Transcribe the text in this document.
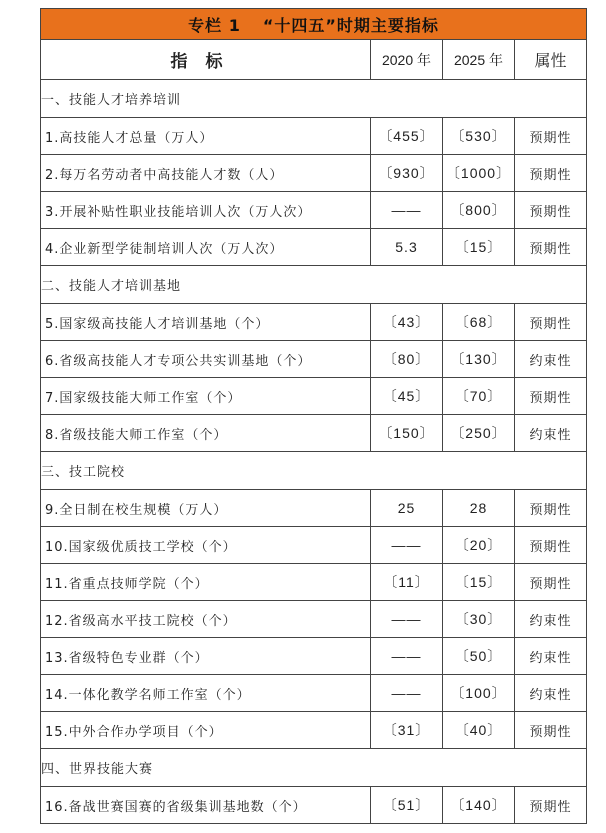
专栏 1 “十四五”时期主要指标			
指标	2020 年	2025 年	属性
一、技能人才培养培训			
1.高技能人才总量（万人）	〔455〕	〔530〕	预期性
2.每万名劳动者中高技能人才数（人）	〔930〕	〔1000〕	预期性
3.开展补贴性职业技能培训人次（万人次）	——	〔800〕	预期性
4.企业新型学徒制培训人次（万人次）	5.3	〔15〕	预期性
二、技能人才培训基地			
5.国家级高技能人才培训基地（个）	〔43〕	〔68〕	预期性
6.省级高技能人才专项公共实训基地（个）	〔80〕	〔130〕	约束性
7.国家级技能大师工作室（个）	〔45〕	〔70〕	预期性
8.省级技能大师工作室（个）	〔150〕	〔250〕	约束性
三、技工院校			
9.全日制在校生规模（万人）	25	28	预期性
10.国家级优质技工学校（个）	——	〔20〕	预期性
11.省重点技师学院（个）	〔11〕	〔15〕	预期性
12.省级高水平技工院校（个）	——	〔30〕	约束性
13.省级特色专业群（个）	——	〔50〕	约束性
14.一体化教学名师工作室（个）	——	〔100〕	约束性
15.中外合作办学项目（个）	〔31〕	〔40〕	预期性
四、世界技能大赛			
16.备战世赛国赛的省级集训基地数（个）	〔51〕	〔140〕	预期性
